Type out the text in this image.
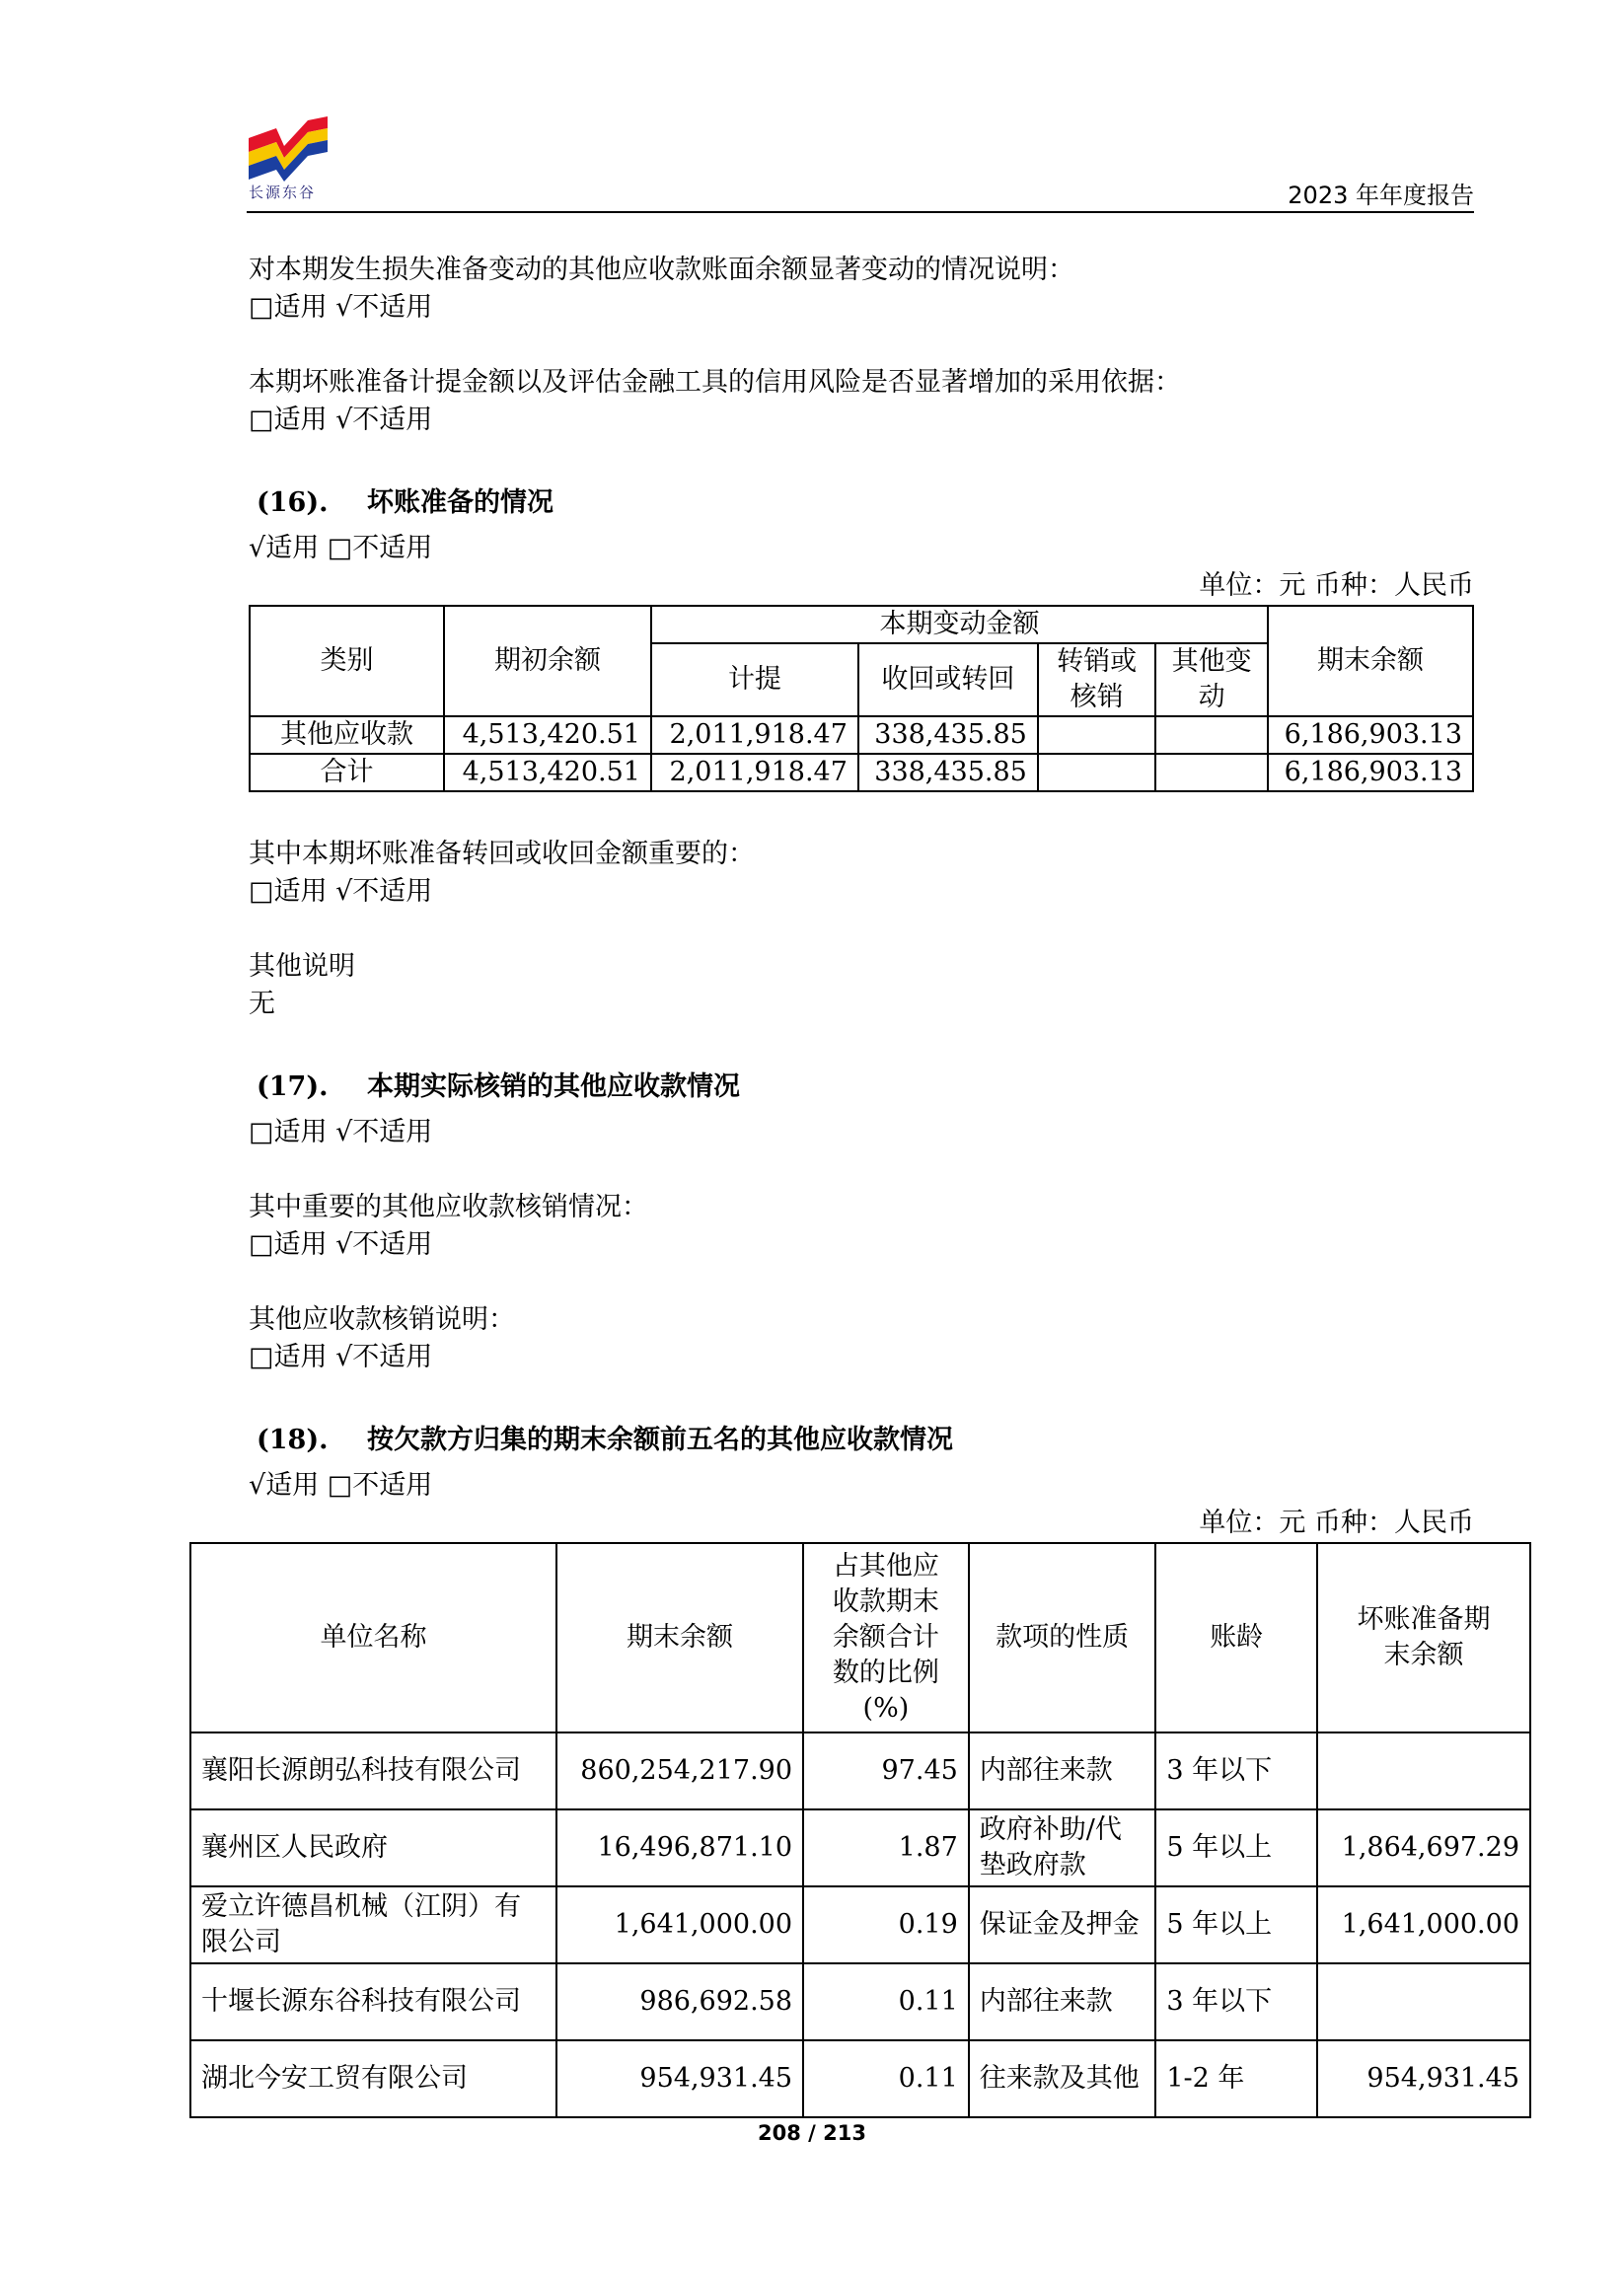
长源东谷	2023 年年度报告
对本期发生损失准备变动的其他应收款账面余额显著变动的情况说明：
□适用 √不适用
本期坏账准备计提金额以及评估金融工具的信用风险是否显著增加的采用依据：
□适用 √不适用
(16). 坏账准备的情况
√适用 □不适用
单位：元 币种：人民币
类别	期初余额	本期变动金额				期末余额
		计提	收回或转回	转销或核销	其他变动	
其他应收款	4,513,420.51	2,011,918.47	338,435.85			6,186,903.13
合计	4,513,420.51	2,011,918.47	338,435.85			6,186,903.13
其中本期坏账准备转回或收回金额重要的：
□适用 √不适用
其他说明
无
(17). 本期实际核销的其他应收款情况
□适用 √不适用
其中重要的其他应收款核销情况：
□适用 √不适用
其他应收款核销说明：
□适用 √不适用
(18). 按欠款方归集的期末余额前五名的其他应收款情况
√适用 □不适用
单位：元 币种：人民币
单位名称	期末余额	占其他应收款期末余额合计数的比例(%)	款项的性质	账龄	坏账准备期末余额
襄阳长源朗弘科技有限公司	860,254,217.90	97.45	内部往来款	3 年以下	
襄州区人民政府	16,496,871.10	1.87	政府补助/代垫政府款	5 年以上	1,864,697.29
爱立许德昌机械（江阴）有限公司	1,641,000.00	0.19	保证金及押金	5 年以上	1,641,000.00
十堰长源东谷科技有限公司	986,692.58	0.11	内部往来款	3 年以下	
湖北今安工贸有限公司	954,931.45	0.11	往来款及其他	1-2 年	954,931.45
208 / 213
